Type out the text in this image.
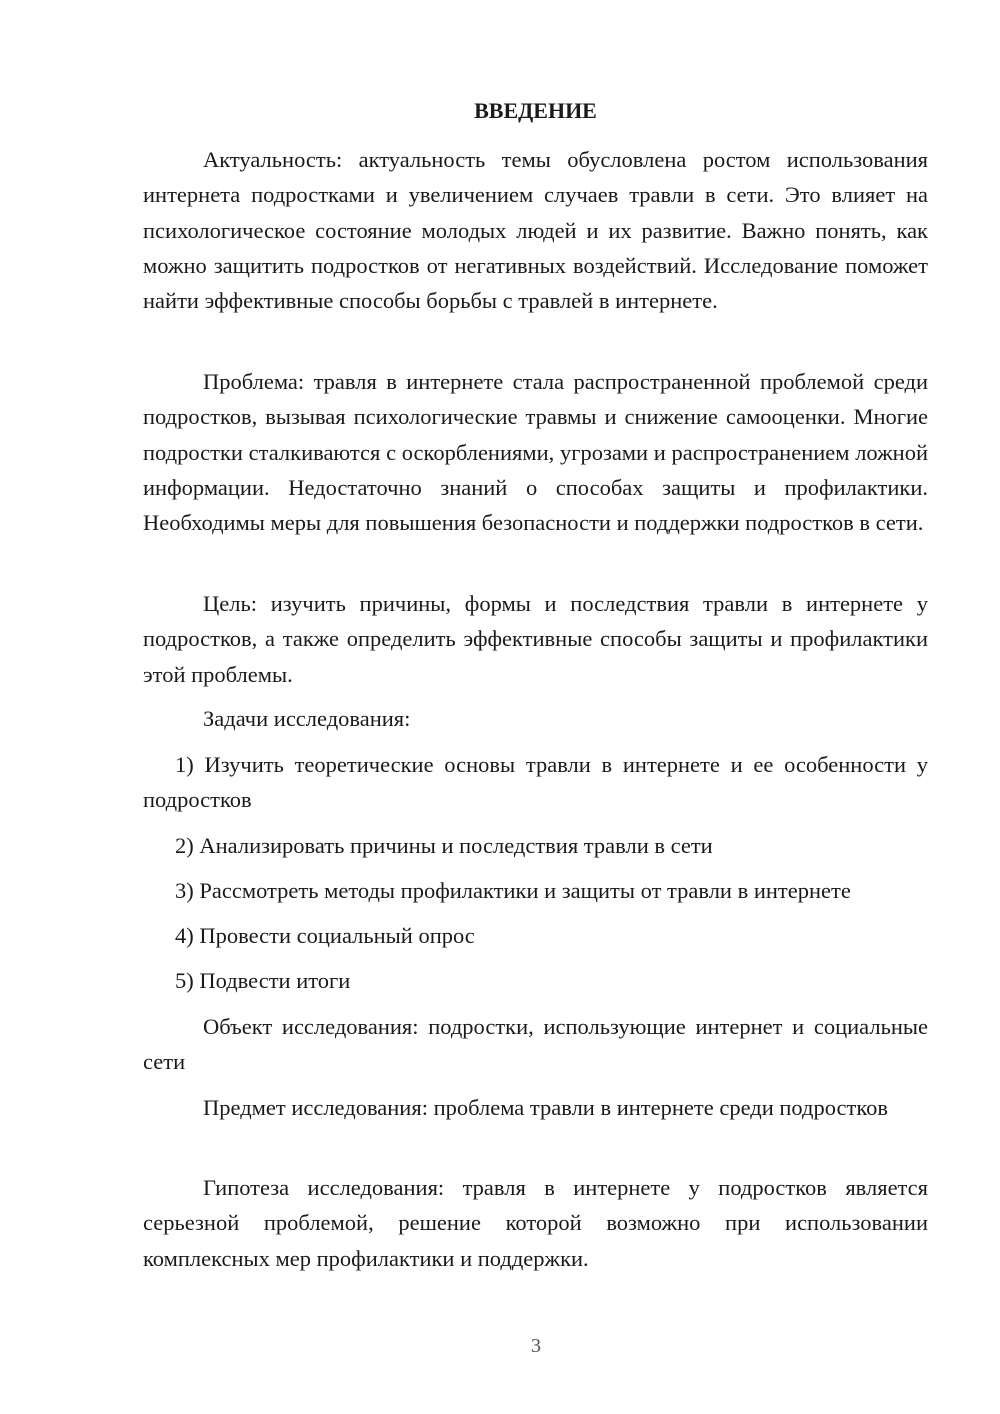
ВВЕДЕНИЕ

Актуальность: актуальность темы обусловлена ростом использования интернета подростками и увеличением случаев травли в сети. Это влияет на психологическое состояние молодых людей и их развитие. Важно понять, как можно защитить подростков от негативных воздействий. Исследование поможет найти эффективные способы борьбы с травлей в интернете.

Проблема: травля в интернете стала распространенной проблемой среди подростков, вызывая психологические травмы и снижение самооценки. Многие подростки сталкиваются с оскорблениями, угрозами и распространением ложной информации. Недостаточно знаний о способах защиты и профилактики. Необходимы меры для повышения безопасности и поддержки подростков в сети.

Цель: изучить причины, формы и последствия травли в интернете у подростков, а также определить эффективные способы защиты и профилактики этой проблемы.

Задачи исследования:

1) Изучить теоретические основы травли в интернете и ее особенности у подростков

2) Анализировать причины и последствия травли в сети

3) Рассмотреть методы профилактики и защиты от травли в интернете

4) Провести социальный опрос

5) Подвести итоги

Объект исследования: подростки, использующие интернет и социальные сети

Предмет исследования: проблема травли в интернете среди подростков

Гипотеза исследования: травля в интернете у подростков является серьезной проблемой, решение которой возможно при использовании комплексных мер профилактики и поддержки.

3
